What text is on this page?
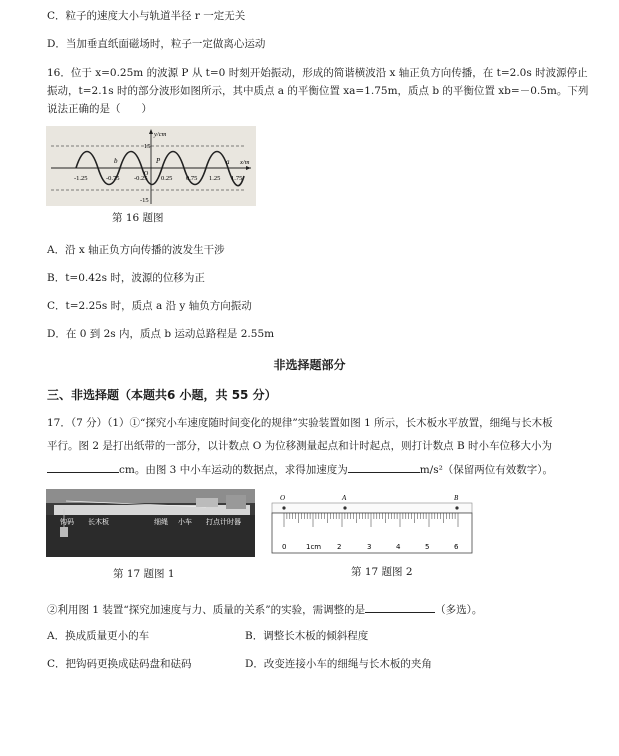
C．粒子的速度大小与轨道半径 r 一定无关
D．当加垂直纸面磁场时，粒子一定做离心运动
16．位于 x=0.25m 的波源 P 从 t=0 时刻开始振动，形成的简谐横波沿 x 轴正负方向传播，在 t=2.0s 时波源停止
振动，t=2.1s 时的部分波形如图所示，其中质点 a 的平衡位置 xa=1.75m，质点 b 的平衡位置 xb=－0.5m。下列
说法正确的是（　　）
-1.25	-0.75 -0.25 0.25 0.75 1.25 1.75
y/cm
x/m
15
-15
O
b	P	a
第 16 题图
A．沿 x 轴正负方向传播的波发生干涉
B．t=0.42s 时，波源的位移为正
C．t=2.25s 时，质点 a 沿 y 轴负方向振动
D．在 0 到 2s 内，质点 b 运动总路程是 2.55m
非选择题部分
三、非选择题（本题共6 小题，共 55 分）
17．（7 分）（1）①“探究小车速度随时间变化的规律”实验装置如图 1 所示，长木板水平放置，细绳与长木板
平行。图 2 是打出纸带的一部分，以计数点 O 为位移测量起点和计时起点，则打计数点 B 时小车位移大小为
cm。由图 3 中小车运动的数据点，求得加速度为	m/s²（保留两位有效数字）。
钩码 长木板	细绳 小车 打点计时器
第 17 题图 1
O	A	B
0	1cm 2	3	4	5	6
第 17 题图 2
②利用图 1 装置“探究加速度与力、质量的关系”的实验，需调整的是	（多选）。
A．换成质量更小的车	B．调整长木板的倾斜程度
C．把钩码更换成砝码盘和砝码	D．改变连接小车的细绳与长木板的夹角
